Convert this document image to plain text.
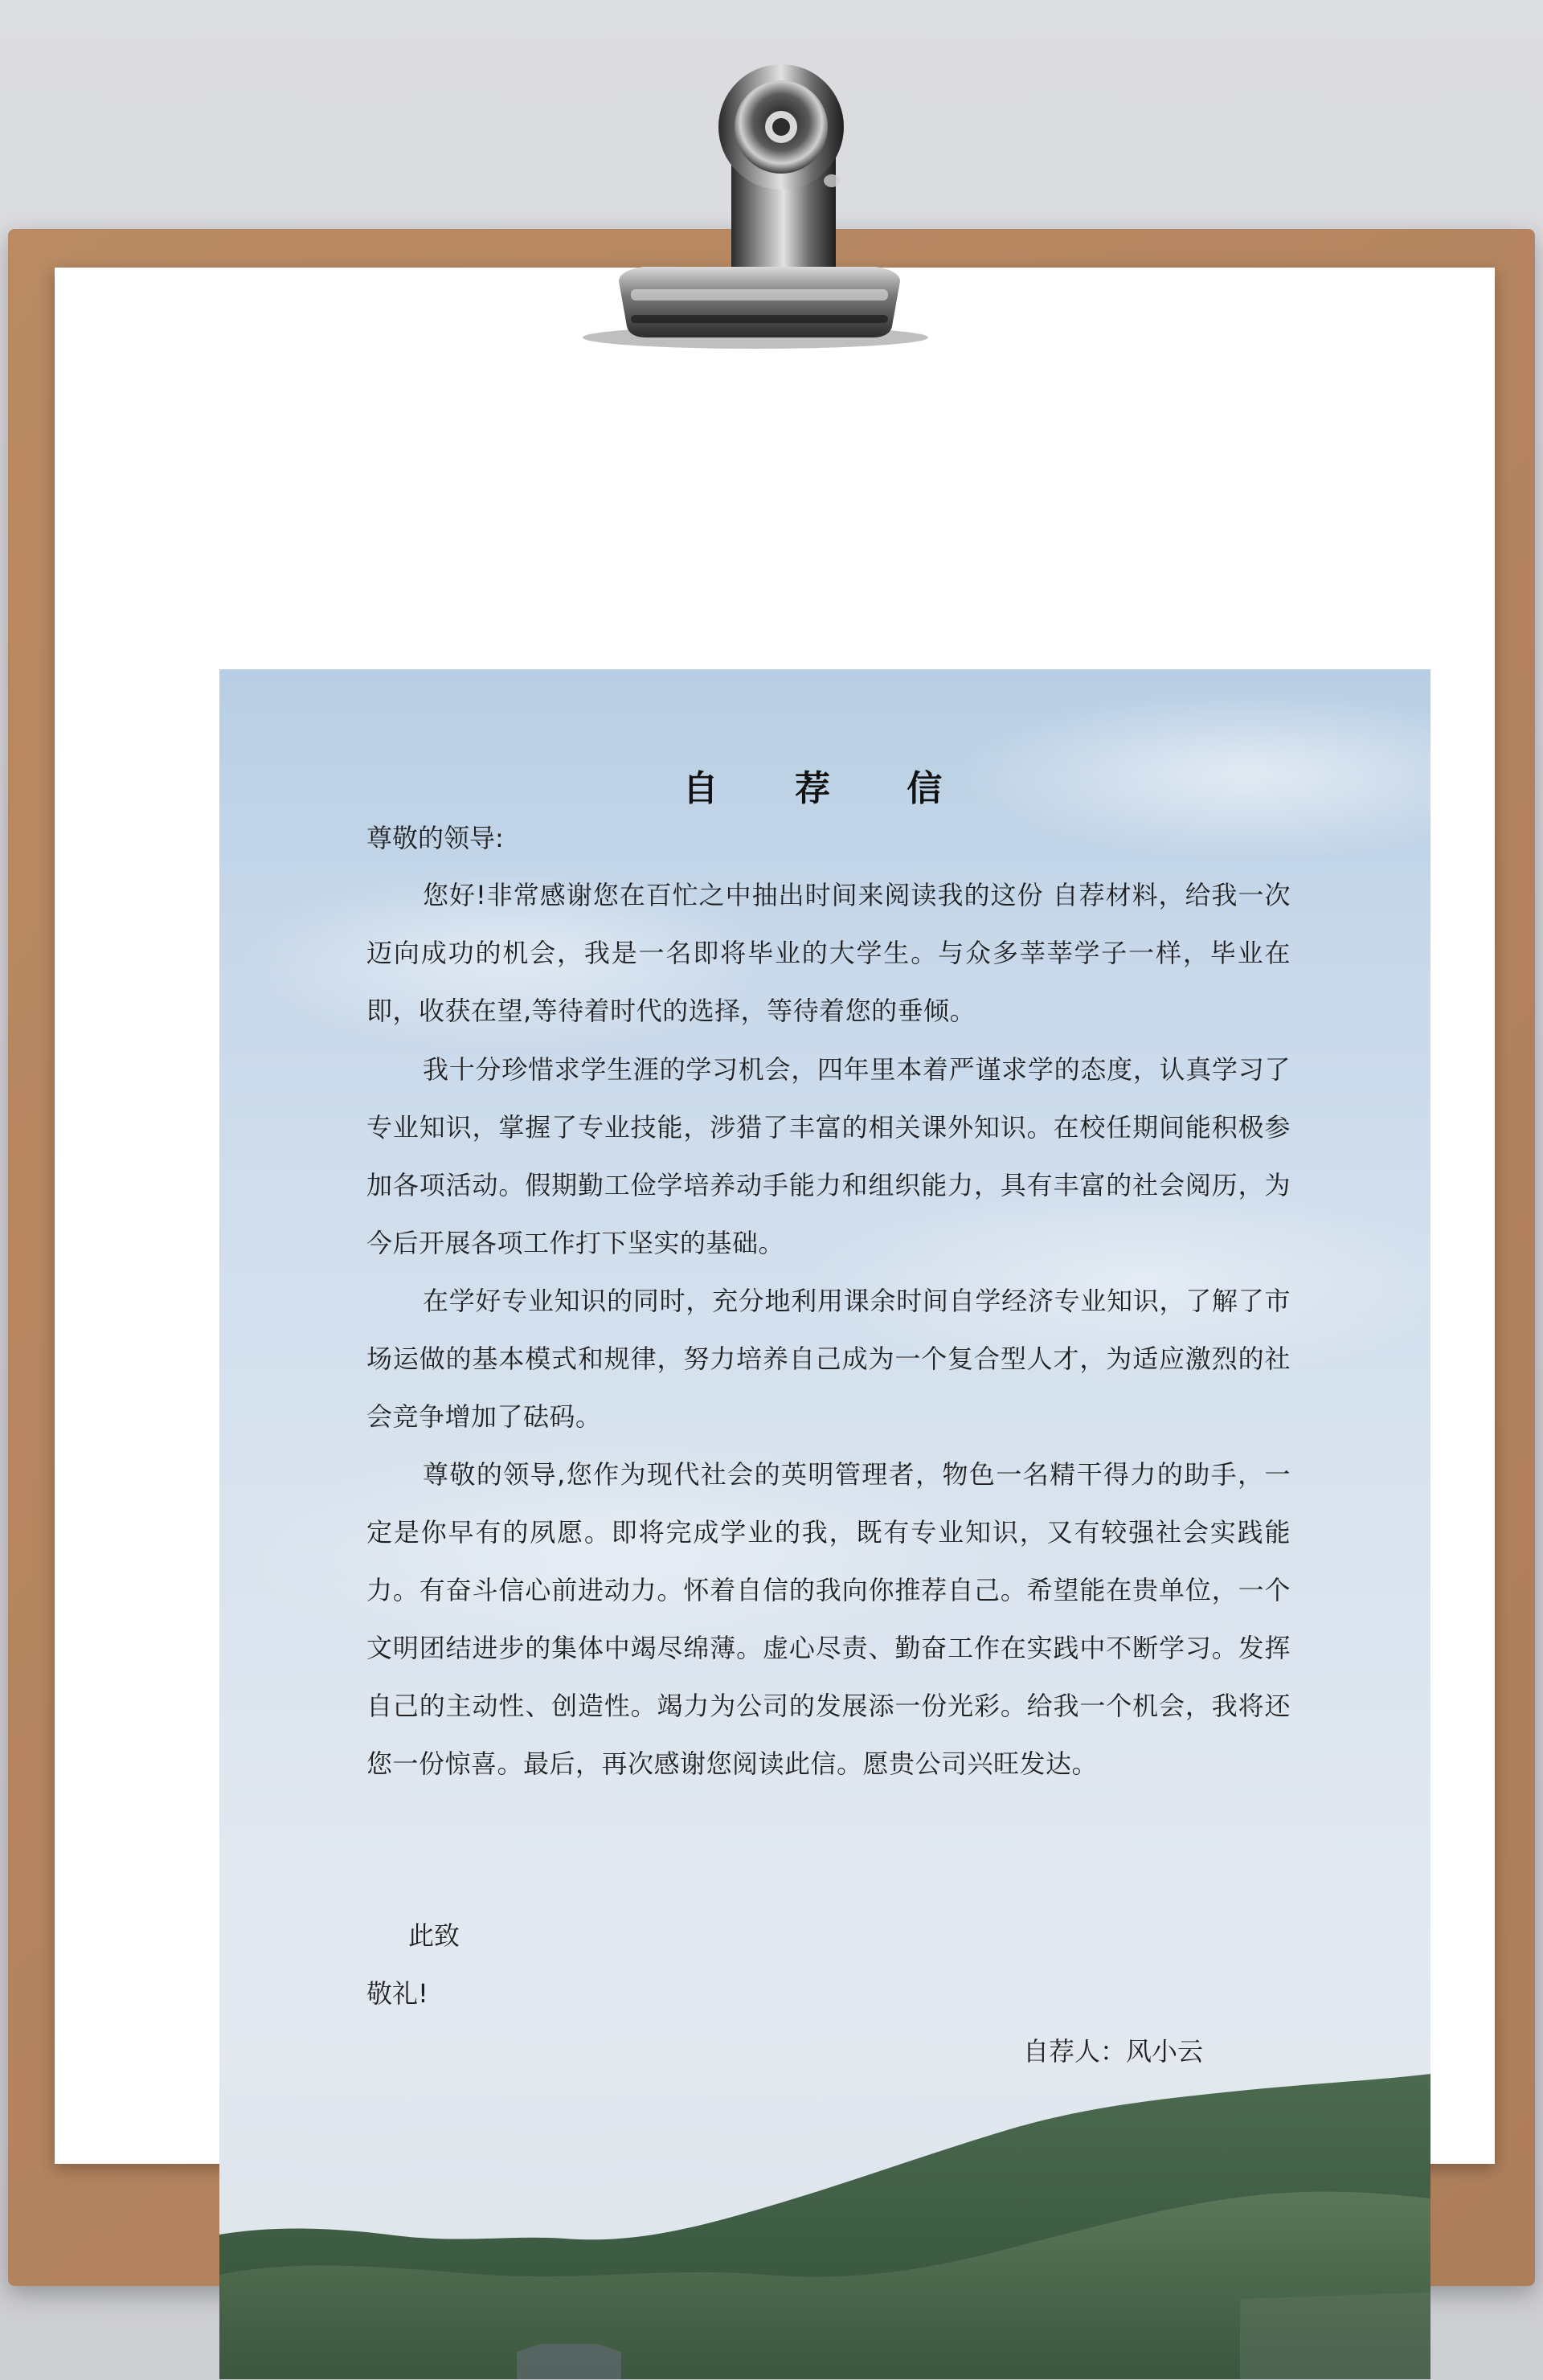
自 荐 信
尊敬的领导:
您好!非常感谢您在百忙之中抽出时间来阅读我的这份 自荐材料，给我一次迈向成功的机会，我是一名即将毕业的大学生。与众多莘莘学子一样，毕业在即，收获在望,等待着时代的选择，等待着您的垂倾。
我十分珍惜求学生涯的学习机会，四年里本着严谨求学的态度，认真学习了专业知识，掌握了专业技能，涉猎了丰富的相关课外知识。在校任期间能积极参加各项活动。假期勤工俭学培养动手能力和组织能力，具有丰富的社会阅历，为今后开展各项工作打下坚实的基础。
在学好专业知识的同时，充分地利用课余时间自学经济专业知识，了解了市场运做的基本模式和规律，努力培养自己成为一个复合型人才，为适应激烈的社会竞争增加了砝码。
尊敬的领导,您作为现代社会的英明管理者，物色一名精干得力的助手，一定是你早有的夙愿。即将完成学业的我，既有专业知识，又有较强社会实践能力。有奋斗信心前进动力。怀着自信的我向你推荐自己。希望能在贵单位，一个文明团结进步的集体中竭尽绵薄。虚心尽责、勤奋工作在实践中不断学习。发挥自己的主动性、创造性。竭力为公司的发展添一份光彩。给我一个机会，我将还您一份惊喜。最后，再次感谢您阅读此信。愿贵公司兴旺发达。
此致
敬礼!
自荐人：风小云
